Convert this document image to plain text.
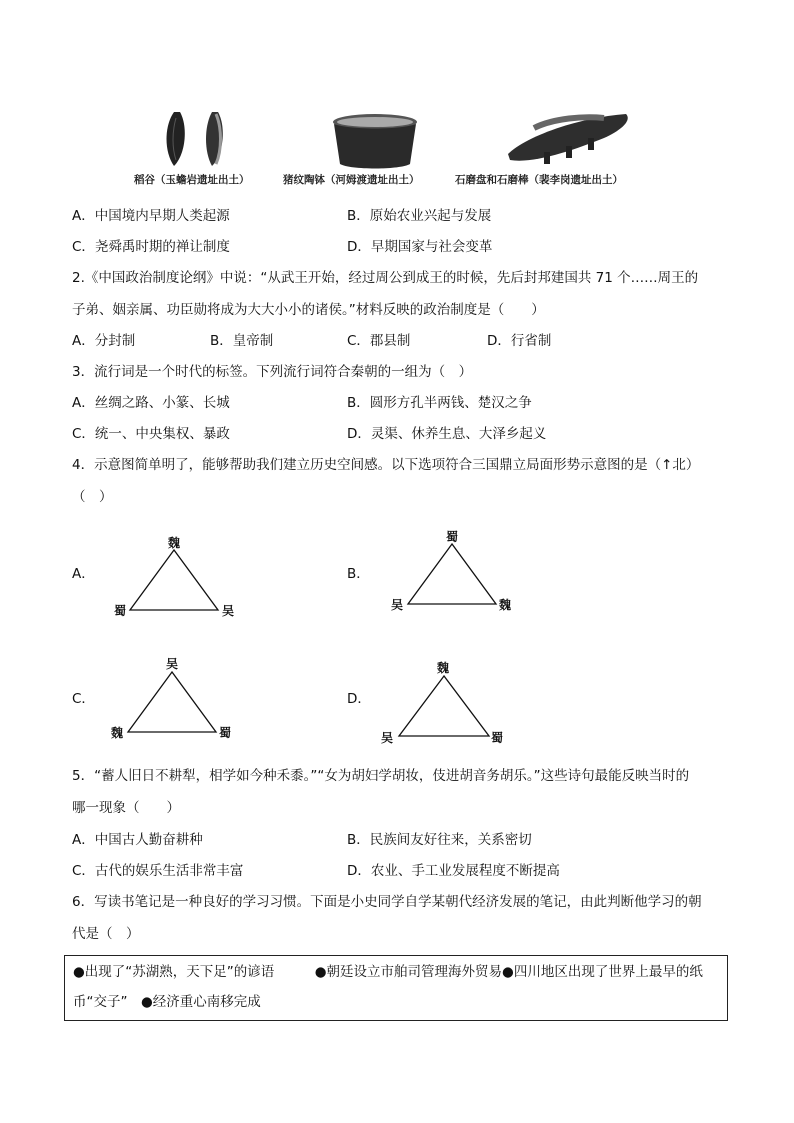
稻谷（玉蟾岩遗址出土）	猪纹陶钵（河姆渡遗址出土）	石磨盘和石磨棒（裴李岗遗址出土）
A．中国境内早期人类起源	B．原始农业兴起与发展
C．尧舜禹时期的禅让制度	D．早期国家与社会变革
2.《中国政治制度论纲》中说：“从武王开始，经过周公到成王的时候，先后封邦建国共 71 个……周王的
子弟、姻亲属、功臣勋将成为大大小小的诸侯。”材料反映的政治制度是（　　）
A．分封制	B．皇帝制	C．郡县制	D．行省制
3．流行词是一个时代的标签。下列流行词符合秦朝的一组为（　）
A．丝绸之路、小篆、长城	B．圆形方孔半两钱、楚汉之争
C．统一、中央集权、暴政	D．灵渠、休养生息、大泽乡起义
4．示意图简单明了，能够帮助我们建立历史空间感。以下选项符合三国鼎立局面形势示意图的是（↑北）
（　）
A．
魏
蜀	吴
B．
蜀
吴	魏
C．
吴
魏	蜀
D．
魏
吴	蜀
5．“蓄人旧日不耕犁，相学如今种禾黍。”“女为胡妇学胡妆，伎进胡音务胡乐。”这些诗句最能反映当时的
哪一现象（　　）
A．中国古人勤奋耕种	B．民族间友好往来，关系密切
C．古代的娱乐生活非常丰富	D．农业、手工业发展程度不断提高
6．写读书笔记是一种良好的学习习惯。下面是小史同学自学某朝代经济发展的笔记，由此判断他学习的朝
代是（　）
●出现了“苏湖熟，天下足”的谚语　　　●朝廷设立市舶司管理海外贸易●四川地区出现了世界上最早的纸
币“交子”　●经济重心南移完成
